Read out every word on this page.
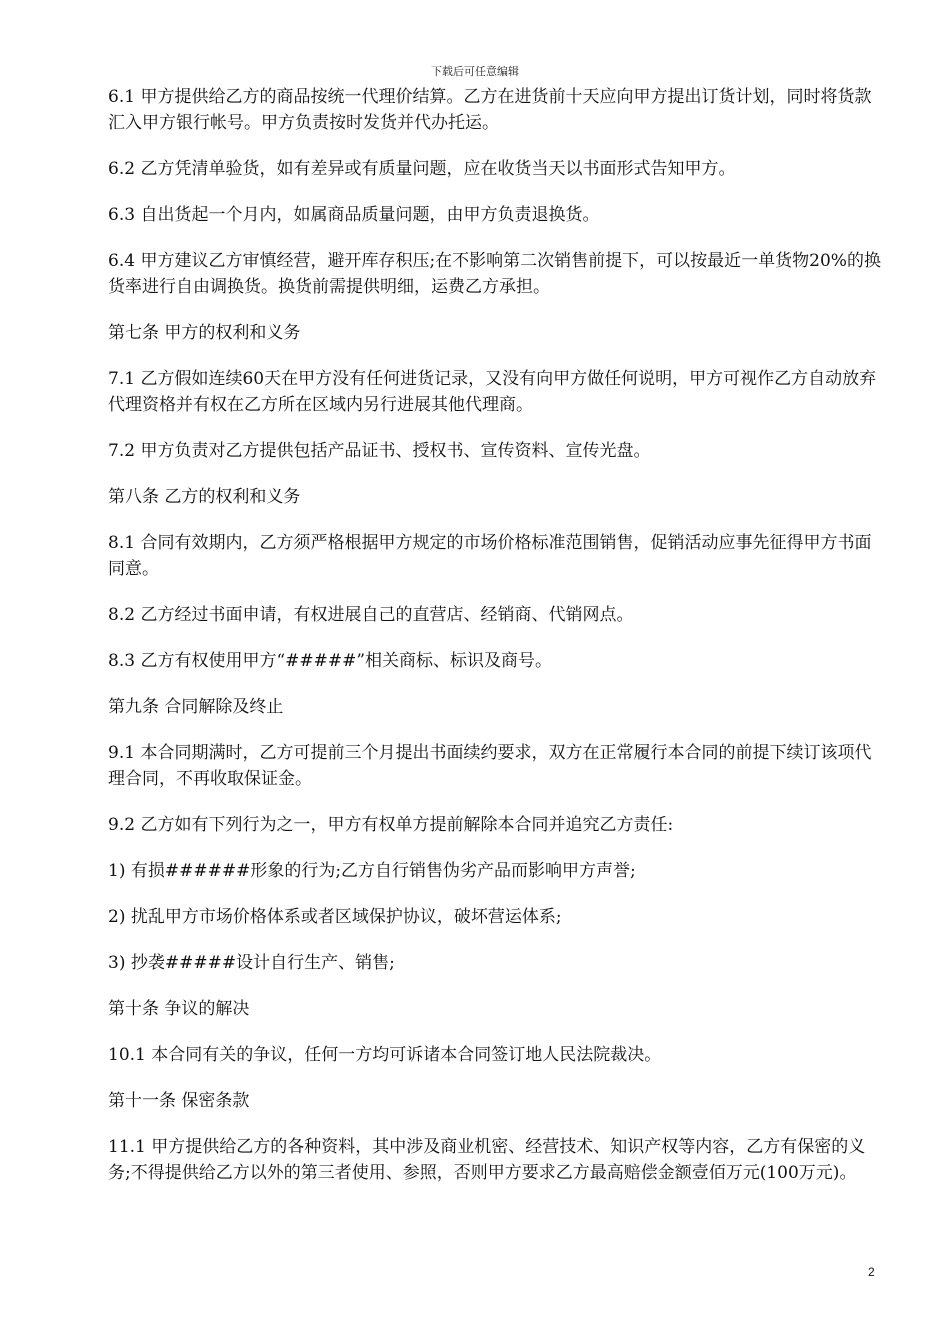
下载后可任意编辑
6.1 甲方提供给乙方的商品按统一代理价结算。乙方在进货前十天应向甲方提出订货计划，同时将货款汇入甲方银行帐号。甲方负责按时发货并代办托运。
6.2 乙方凭清单验货，如有差异或有质量问题，应在收货当天以书面形式告知甲方。
6.3 自出货起一个月内，如属商品质量问题，由甲方负责退换货。
6.4 甲方建议乙方审慎经营，避开库存积压;在不影响第二次销售前提下，可以按最近一单货物20%的换货率进行自由调换货。换货前需提供明细，运费乙方承担。
第七条 甲方的权利和义务
7.1 乙方假如连续60天在甲方没有任何进货记录，又没有向甲方做任何说明，甲方可视作乙方自动放弃代理资格并有权在乙方所在区域内另行进展其他代理商。
7.2 甲方负责对乙方提供包括产品证书、授权书、宣传资料、宣传光盘。
第八条 乙方的权利和义务
8.1 合同有效期内，乙方须严格根据甲方规定的市场价格标准范围销售，促销活动应事先征得甲方书面同意。
8.2 乙方经过书面申请，有权进展自己的直营店、经销商、代销网点。
8.3 乙方有权使用甲方“#####”相关商标、标识及商号。
第九条 合同解除及终止
9.1 本合同期满时，乙方可提前三个月提出书面续约要求，双方在正常履行本合同的前提下续订该项代理合同，不再收取保证金。
9.2 乙方如有下列行为之一，甲方有权单方提前解除本合同并追究乙方责任:
1) 有损######形象的行为;乙方自行销售伪劣产品而影响甲方声誉;
2) 扰乱甲方市场价格体系或者区域保护协议，破坏营运体系;
3) 抄袭#####设计自行生产、销售;
第十条 争议的解决
10.1 本合同有关的争议，任何一方均可诉诸本合同签订地人民法院裁决。
第十一条 保密条款
11.1 甲方提供给乙方的各种资料，其中涉及商业机密、经营技术、知识产权等内容，乙方有保密的义务;不得提供给乙方以外的第三者使用、参照，否则甲方要求乙方最高赔偿金额壹佰万元(100万元)。
2
